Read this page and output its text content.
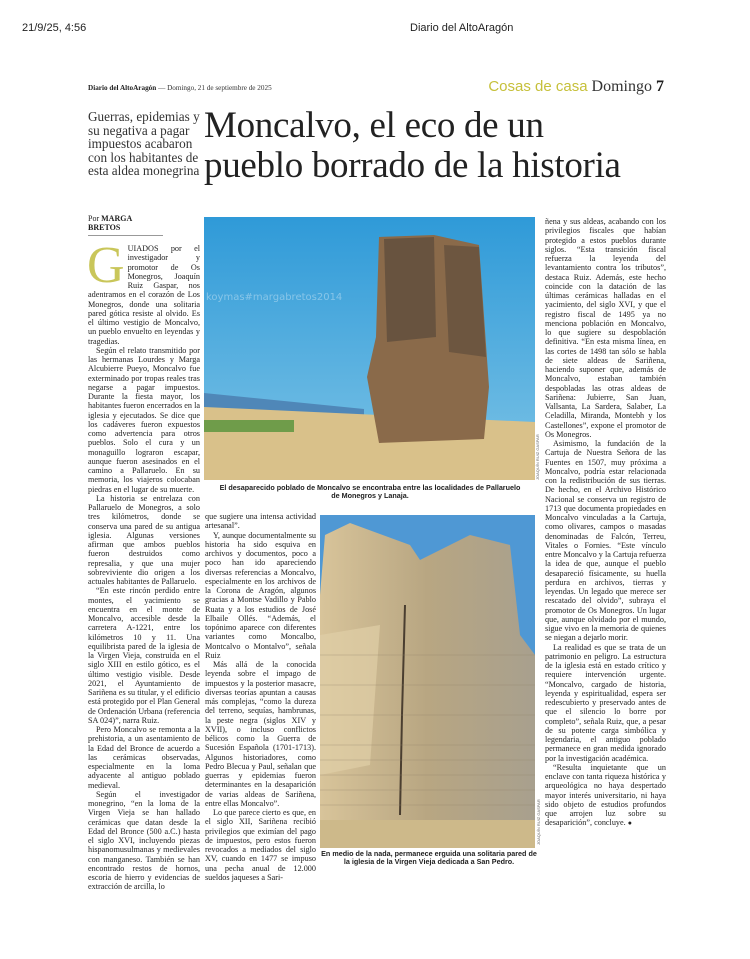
21/9/25, 4:56	Diario del AltoAragón
Diario del AltoAragón — Domingo, 21 de septiembre de 2025	Cosas de casa Domingo 7
Guerras, epidemias y su negativa a pagar impuestos acabaron con los habitantes de esta aldea monegrina
Moncalvo, el eco de un
pueblo borrado de la historia
Por MARGA BRETOS

GUIADOS por el investigador y promotor de Os Monegros, Joaquín Ruiz Gaspar, nos adentramos en el corazón de Los Monegros, donde una solitaria pared gótica resiste al olvido. Es el último vestigio de Moncalvo, un pueblo envuelto en leyendas y tragedias.

Según el relato transmitido por las hermanas Lourdes y Marga Alcubierre Pueyo, Moncalvo fue exterminado por tropas reales tras negarse a pagar impuestos. Durante la fiesta mayor, los habitantes fueron encerrados en la iglesia y ejecutados. Se dice que los cadáveres fueron expuestos como advertencia para otros pueblos. Solo el cura y un monaguillo lograron escapar, aunque fueron asesinados en el camino a Pallaruelo. En su memoria, los viajeros colocaban piedras en el lugar de su muerte.

La historia se entrelaza con Pallaruelo de Monegros, a solo tres kilómetros, donde se conserva una pared de su antigua iglesia. Algunas versiones afirman que ambos pueblos fueron destruidos como represalia, y que una mujer sobreviviente dio origen a los actuales habitantes de Pallaruelo.

“En este rincón perdido entre montes, el yacimiento se encuentra en el monte de Moncalvo, accesible desde la carretera A-1221, entre los kilómetros 10 y 11. Una equilibrista pared de la iglesia de la Virgen Vieja, construida en el siglo XIII en estilo gótico, es el último vestigio visible. Desde 2021, el Ayuntamiento de Sariñena es su titular, y el edificio está protegido por el Plan General de Ordenación Urbana (referencia SA 024)”, narra Ruiz.

Pero Moncalvo se remonta a la prehistoria, a un asentamiento de la Edad del Bronce de acuerdo a las cerámicas observadas, especialmente en la loma adyacente al antiguo poblado medieval.

Según el investigador monegrino, “en la loma de la Virgen Vieja se han hallado cerámicas que datan desde la Edad del Bronce (500 a.C.) hasta el siglo XVI, incluyendo piezas hispanomusulmanas y medievales con manganeso. También se han encontrado restos de hornos, escoria de hierro y evidencias de extracción de arcilla, lo

koymas#margabretos2014
JOAQUÍN RUIZ GASPAR
El desaparecido poblado de Moncalvo se encontraba entre las localidades de Pallaruelo de Monegros y Lanaja.

que sugiere una intensa actividad artesanal”.

Y, aunque documentalmente su historia ha sido esquiva en archivos y documentos, poco a poco han ido apareciendo diversas referencias a Moncalvo, especialmente en los archivos de la Corona de Aragón, algunos gracias a Montse Vadillo y Pablo Ruata y a los estudios de José Elbaile Ollés. “Además, el topónimo aparece con diferentes variantes como Moncalbo, Montcalvo o Montalvo”, señala Ruiz

Más allá de la conocida leyenda sobre el impago de impuestos y la posterior masacre, diversas teorías apuntan a causas más complejas, “como la dureza del terreno, sequías, hambrunas, la peste negra (siglos XIV y XVII), o incluso conflictos bélicos como la Guerra de Sucesión Española (1701-1713). Algunos historiadores, como Pedro Blecua y Paul, señalan que guerras y epidemias fueron determinantes en la desaparición de varias aldeas de Sariñena, entre ellas Moncalvo”.

Lo que parece cierto es que, en el siglo XII, Sariñena recibió privilegios que eximían del pago de impuestos, pero estos fueron revocados a mediados del siglo XV, cuando en 1477 se impuso una pecha anual de 12.000 sueldos jaqueses a Sari-

JOAQUÍN RUIZ GASPAR
En medio de la nada, permanece erguida una solitaria pared de la iglesia de la Virgen Vieja dedicada a San Pedro.

ñena y sus aldeas, acabando con los privilegios fiscales que habían protegido a estos pueblos durante siglos. “Esta transición fiscal refuerza la leyenda del levantamiento contra los tributos”, destaca Ruiz. Además, este hecho coincide con la datación de las últimas cerámicas halladas en el yacimiento, del siglo XVI, y que el registro fiscal de 1495 ya no menciona población en Moncalvo, lo que sugiere su despoblación definitiva. “En esta misma línea, en las cortes de 1498 tan sólo se habla de siete aldeas de Sariñena, haciendo suponer que, además de Moncalvo, estaban también despobladas las otras aldeas de Sariñena: Jubierre, San Juan, Vallsanta, La Sardera, Salaber, La Celadilla, Miranda, Montebh y los Castellones”, expone el promotor de Os Monegros.

Asimismo, la fundación de la Cartuja de Nuestra Señora de las Fuentes en 1507, muy próxima a Moncalvo, podría estar relacionada con la redistribución de sus tierras. De hecho, en el Archivo Histórico Nacional se conserva un registro de 1713 que documenta propiedades en Moncalvo vinculadas a la Cartuja, como olivares, campos o masadas denominadas de Falcón, Terreu, Vitales o Fornies. “Este vínculo entre Moncalvo y la Cartuja refuerza la idea de que, aunque el pueblo desapareció físicamente, su huella perdura en archivos, tierras y leyendas. Un legado que merece ser rescatado del olvido”, subraya el promotor de Os Monegros. Un lugar que, aunque olvidado por el mundo, sigue vivo en la memoria de quienes se niegan a dejarlo morir.

La realidad es que se trata de un patrimonio en peligro. La estructura de la iglesia está en estado crítico y requiere intervención urgente. “Moncalvo, cargado de historia, leyenda y espiritualidad, espera ser redescubierto y preservado antes de que el silencio lo borre por completo”, señala Ruiz, que, a pesar de su potente carga simbólica y legendaria, el antiguo poblado permanece en gran medida ignorado por la investigación académica.

“Resulta inquietante que un enclave con tanta riqueza histórica y arqueológica no haya despertado mayor interés universitario, ni haya sido objeto de estudios profundos que arrojen luz sobre su desaparición”, concluye. ●
